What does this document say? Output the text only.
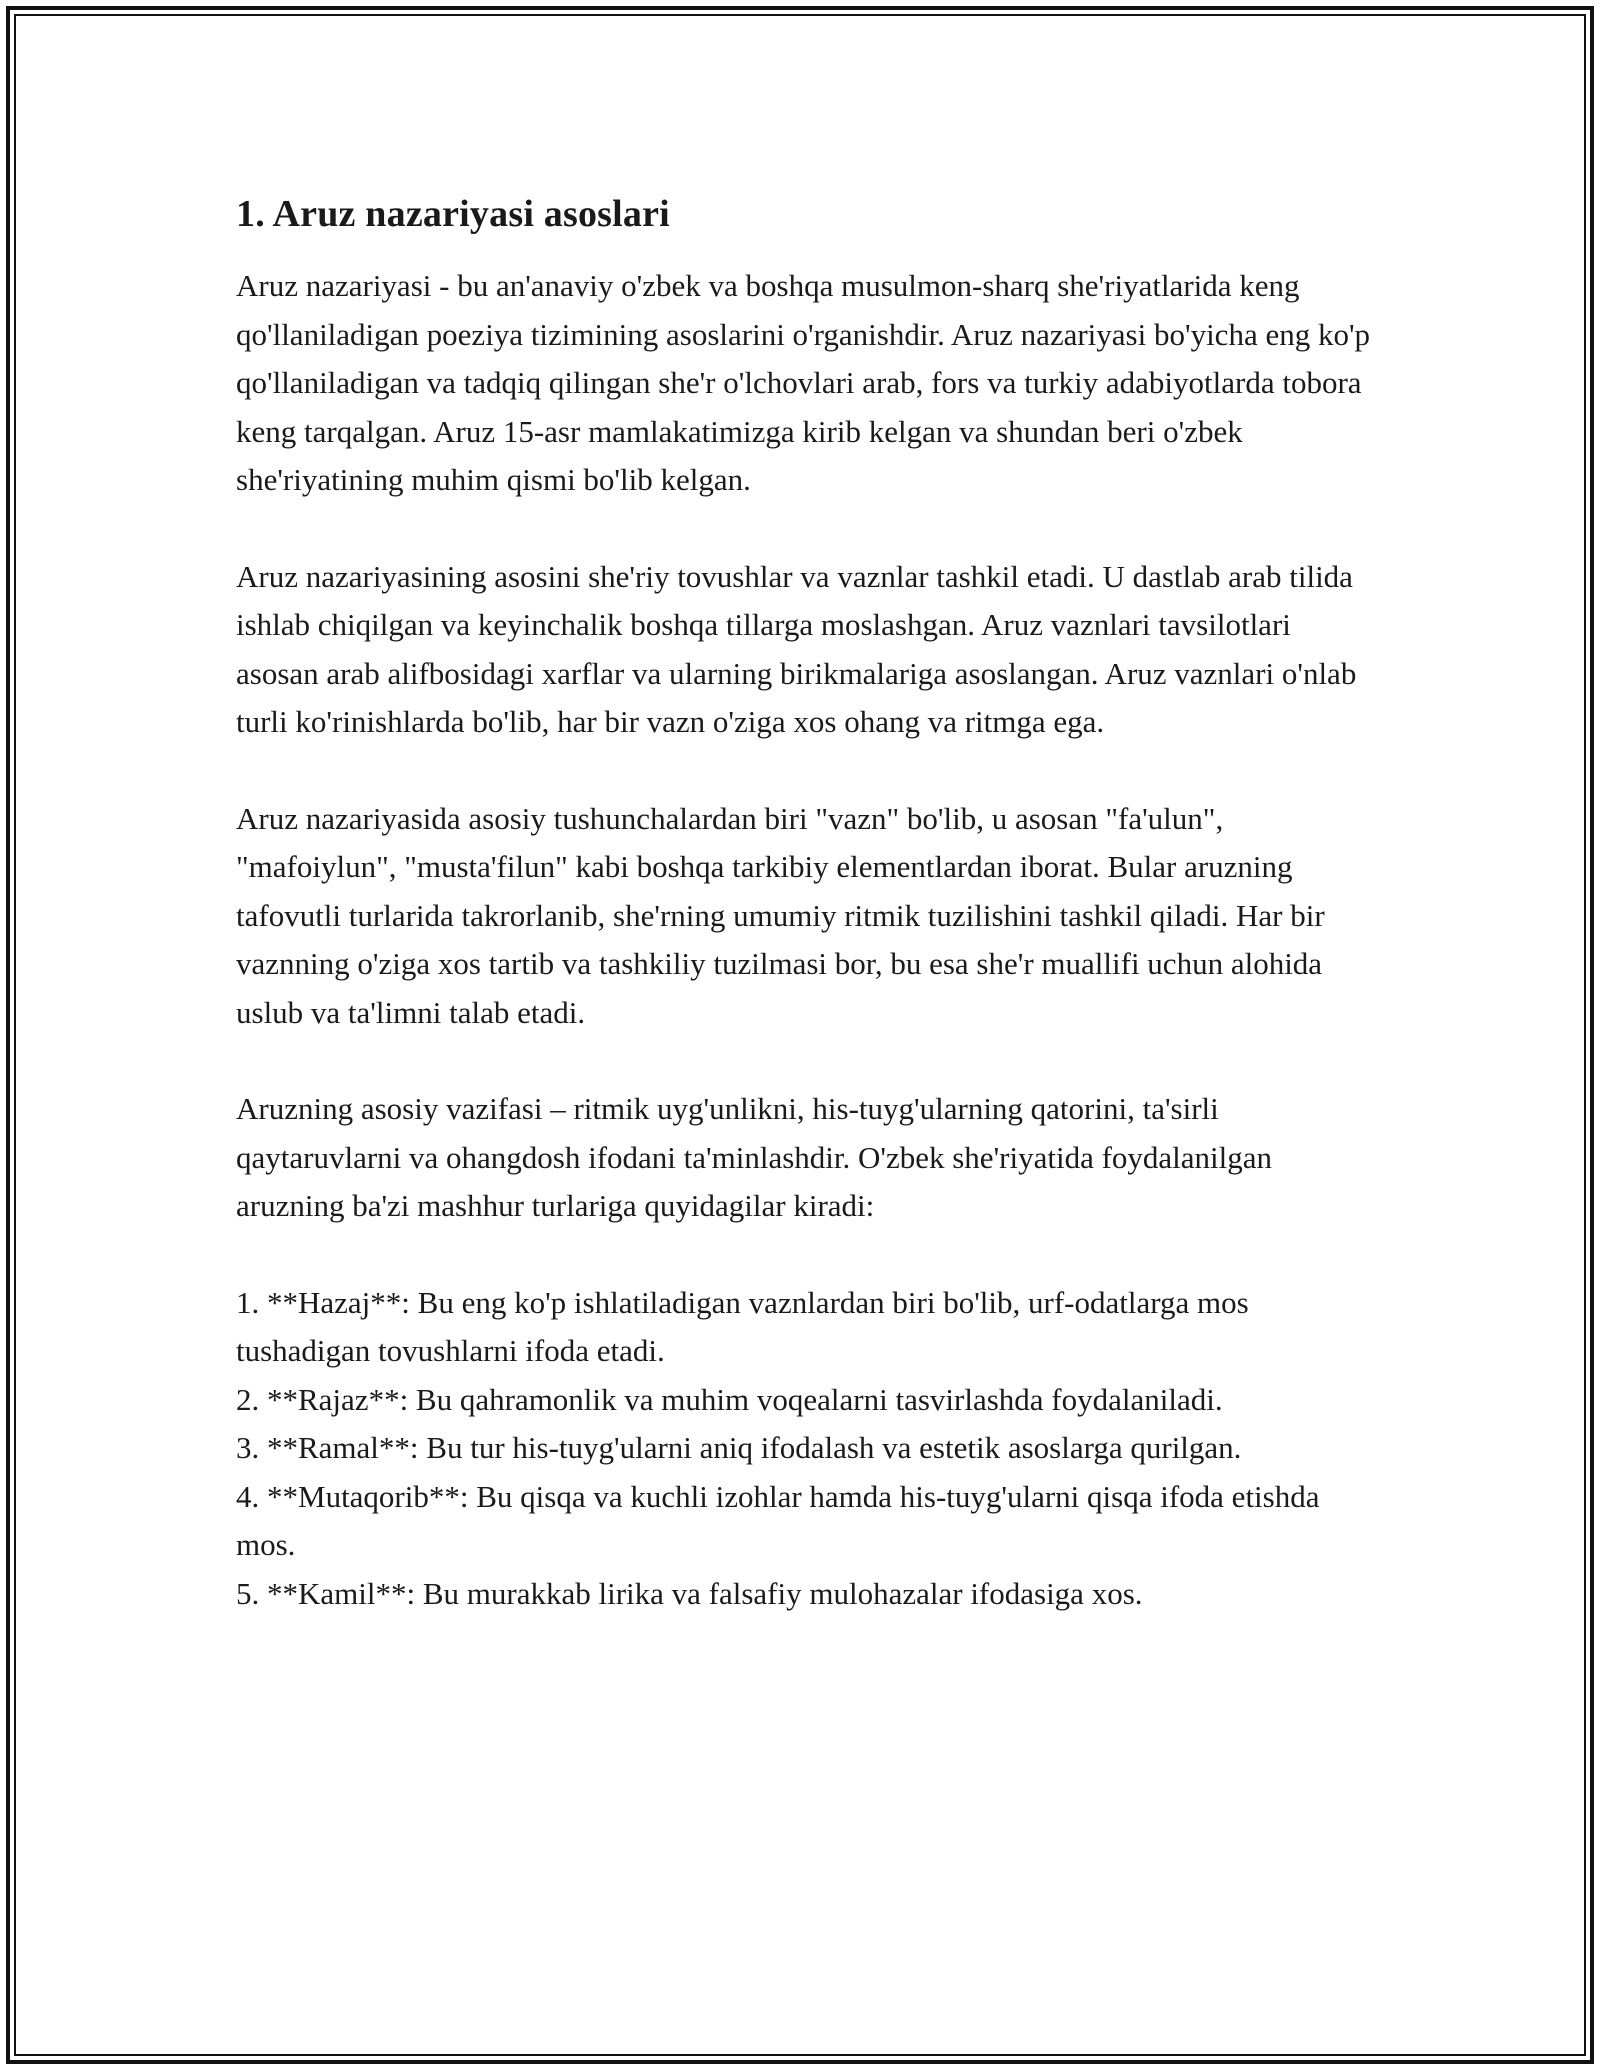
1. Aruz nazariyasi asoslari

Aruz nazariyasi - bu an'anaviy o'zbek va boshqa musulmon-sharq she'riyatlarida keng qo'llaniladigan poeziya tizimining asoslarini o'rganishdir. Aruz nazariyasi bo'yicha eng ko'p qo'llaniladigan va tadqiq qilingan she'r o'lchovlari arab, fors va turkiy adabiyotlarda tobora keng tarqalgan. Aruz 15-asr mamlakatimizga kirib kelgan va shundan beri o'zbek she'riyatining muhim qismi bo'lib kelgan.

Aruz nazariyasining asosini she'riy tovushlar va vaznlar tashkil etadi. U dastlab arab tilida ishlab chiqilgan va keyinchalik boshqa tillarga moslashgan. Aruz vaznlari tavsilotlari asosan arab alifbosidagi xarflar va ularning birikmalariga asoslangan. Aruz vaznlari o'nlab turli ko'rinishlarda bo'lib, har bir vazn o'ziga xos ohang va ritmga ega.

Aruz nazariyasida asosiy tushunchalardan biri "vazn" bo'lib, u asosan "fa'ulun", "mafoiylun", "musta'filun" kabi boshqa tarkibiy elementlardan iborat. Bular aruzning tafovutli turlarida takrorlanib, she'rning umumiy ritmik tuzilishini tashkil qiladi. Har bir vaznning o'ziga xos tartib va tashkiliy tuzilmasi bor, bu esa she'r muallifi uchun alohida uslub va ta'limni talab etadi.

Aruzning asosiy vazifasi – ritmik uyg'unlikni, his-tuyg'ularning qatorini, ta'sirli qaytaruvlarni va ohangdosh ifodani ta'minlashdir. O'zbek she'riyatida foydalanilgan aruzning ba'zi mashhur turlariga quyidagilar kiradi:

1. **Hazaj**: Bu eng ko'p ishlatiladigan vaznlardan biri bo'lib, urf-odatlarga mos tushadigan tovushlarni ifoda etadi.
2. **Rajaz**: Bu qahramonlik va muhim voqealarni tasvirlashda foydalaniladi.
3. **Ramal**: Bu tur his-tuyg'ularni aniq ifodalash va estetik asoslarga qurilgan.
4. **Mutaqorib**: Bu qisqa va kuchli izohlar hamda his-tuyg'ularni qisqa ifoda etishda mos.
5. **Kamil**: Bu murakkab lirika va falsafiy mulohazalar ifodasiga xos.
